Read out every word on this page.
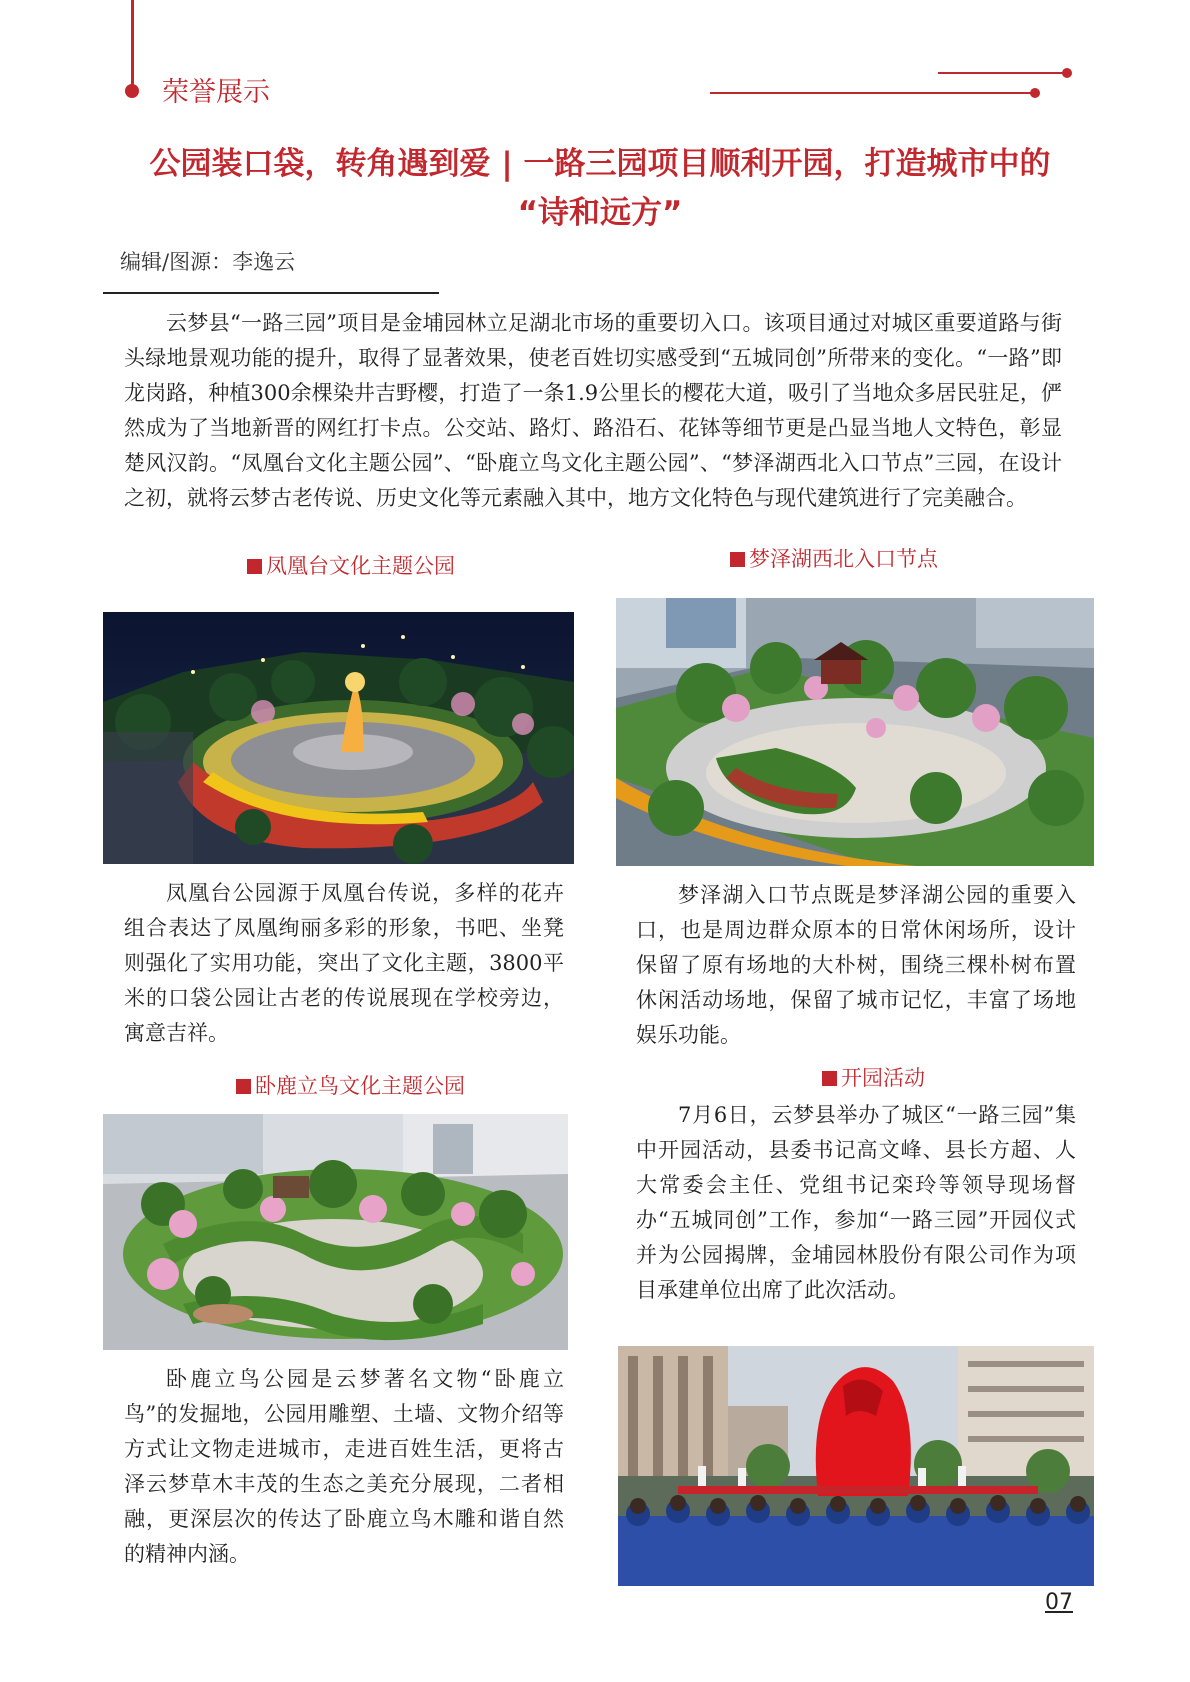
荣誉展示
公园装口袋，转角遇到爱 | 一路三园项目顺利开园，打造城市中的
“诗和远方”
编辑/图源：李逸云

云梦县“一路三园”项目是金埔园林立足湖北市场的重要切入口。该项目通过对城区重要道路与街头绿地景观功能的提升，取得了显著效果，使老百姓切实感受到“五城同创”所带来的变化。“一路”即龙岗路，种植300余棵染井吉野樱，打造了一条1.9公里长的樱花大道，吸引了当地众多居民驻足，俨然成为了当地新晋的网红打卡点。公交站、路灯、路沿石、花钵等细节更是凸显当地人文特色，彰显楚风汉韵。“凤凰台文化主题公园”、“卧鹿立鸟文化主题公园”、“梦泽湖西北入口节点”三园，在设计之初，就将云梦古老传说、历史文化等元素融入其中，地方文化特色与现代建筑进行了完美融合。

凤凰台文化主题公园	梦泽湖西北入口节点

凤凰台公园源于凤凰台传说，多样的花卉组合表达了凤凰绚丽多彩的形象，书吧、坐凳则强化了实用功能，突出了文化主题，3800平米的口袋公园让古老的传说展现在学校旁边，寓意吉祥。

梦泽湖入口节点既是梦泽湖公园的重要入口，也是周边群众原本的日常休闲场所，设计保留了原有场地的大朴树，围绕三棵朴树布置休闲活动场地，保留了城市记忆，丰富了场地娱乐功能。

卧鹿立鸟文化主题公园	开园活动

7月6日，云梦县举办了城区“一路三园”集中开园活动，县委书记高文峰、县长方超、人大常委会主任、党组书记栾玲等领导现场督办“五城同创”工作，参加“一路三园”开园仪式并为公园揭牌，金埔园林股份有限公司作为项目承建单位出席了此次活动。

卧鹿立鸟公园是云梦著名文物“卧鹿立鸟”的发掘地，公园用雕塑、土墙、文物介绍等方式让文物走进城市，走进百姓生活，更将古泽云梦草木丰茂的生态之美充分展现，二者相融，更深层次的传达了卧鹿立鸟木雕和谐自然的精神内涵。

07
